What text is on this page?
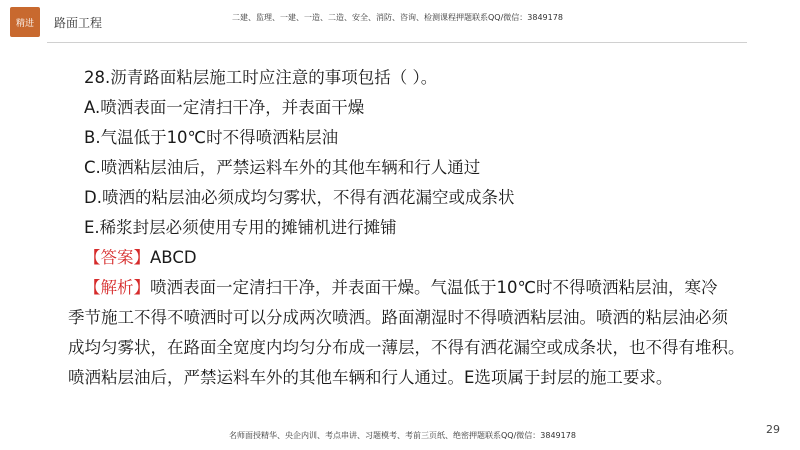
精进 路面工程	二建、监理、一建、一造、二造、安全、消防、咨询、检测课程押题联系QQ/微信：3849178
28.沥青路面粘层施工时应注意的事项包括（ ）。
A.喷洒表面一定清扫干净，并表面干燥
B.气温低于10℃时不得喷洒粘层油
C.喷洒粘层油后，严禁运料车外的其他车辆和行人通过
D.喷洒的粘层油必须成均匀雾状，不得有洒花漏空或成条状
E.稀浆封层必须使用专用的摊铺机进行摊铺
【答案】ABCD
【解析】喷洒表面一定清扫干净，并表面干燥。气温低于10℃时不得喷洒粘层油，寒冷
季节施工不得不喷洒时可以分成两次喷洒。路面潮湿时不得喷洒粘层油。喷洒的粘层油必须
成均匀雾状，在路面全宽度内均匀分布成一薄层，不得有洒花漏空或成条状，也不得有堆积。
喷洒粘层油后，严禁运料车外的其他车辆和行人通过。E选项属于封层的施工要求。
29
名师面授精华、央企内训、考点串讲、习题模考、考前三页纸、绝密押题联系QQ/微信：3849178
